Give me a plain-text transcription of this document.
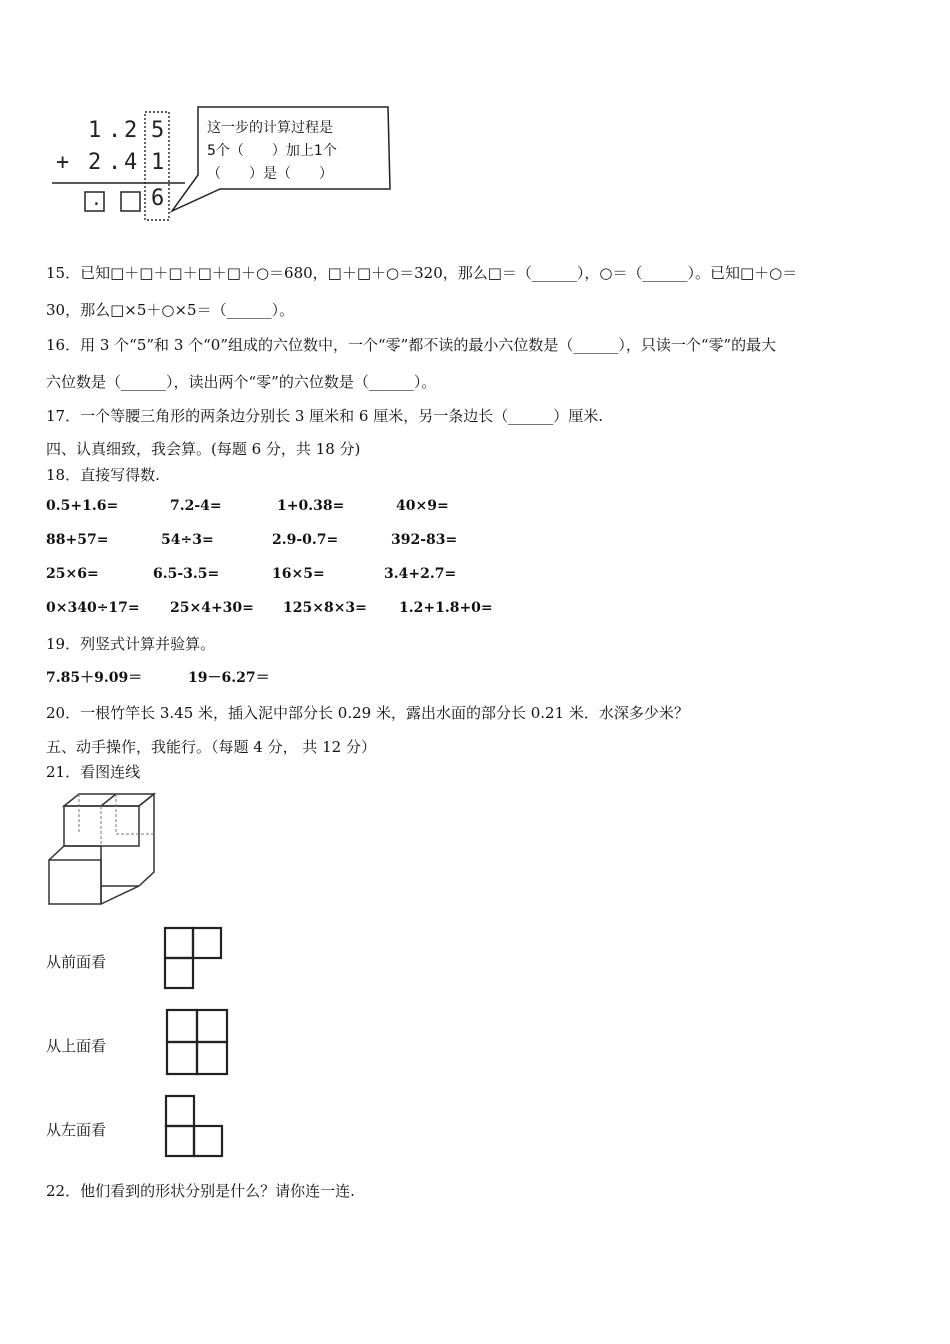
1 . 2 5
+ 2 . 4 1
. 6
这一步的计算过程是
5个（　　）加上1个
（　　）是（　　）
15．已知□＋□＋□＋□＋□＋○＝680，□＋□＋○＝320，那么□＝（______），○＝（______）。已知□＋○＝
30，那么□×5＋○×5＝（______）。
16．用 3 个“5”和 3 个“0”组成的六位数中，一个“零”都不读的最小六位数是（______），只读一个“零”的最大
六位数是（______），读出两个“零”的六位数是（______）。
17．一个等腰三角形的两条边分别长 3 厘米和 6 厘米，另一条边长（______）厘米.
四、认真细致，我会算。(每题 6 分，共 18 分)
18．直接写得数.
0.5+1.6=	7.2-4=	1+0.38=	40×9=
88+57=	54÷3=	2.9-0.7=	392-83=
25×6=	6.5-3.5=	16×5=	3.4+2.7=
0×340÷17= 25×4+30= 125×8×3= 1.2+1.8+0=
19．列竖式计算并验算。
7.85＋9.09＝	19－6.27＝
20．一根竹竿长 3.45 米，插入泥中部分长 0.29 米，露出水面的部分长 0.21 米．水深多少米？
五、动手操作，我能行。（每题 4 分， 共 12 分）
21．看图连线
从前面看
从上面看
从左面看
22．他们看到的形状分别是什么？请你连一连.
